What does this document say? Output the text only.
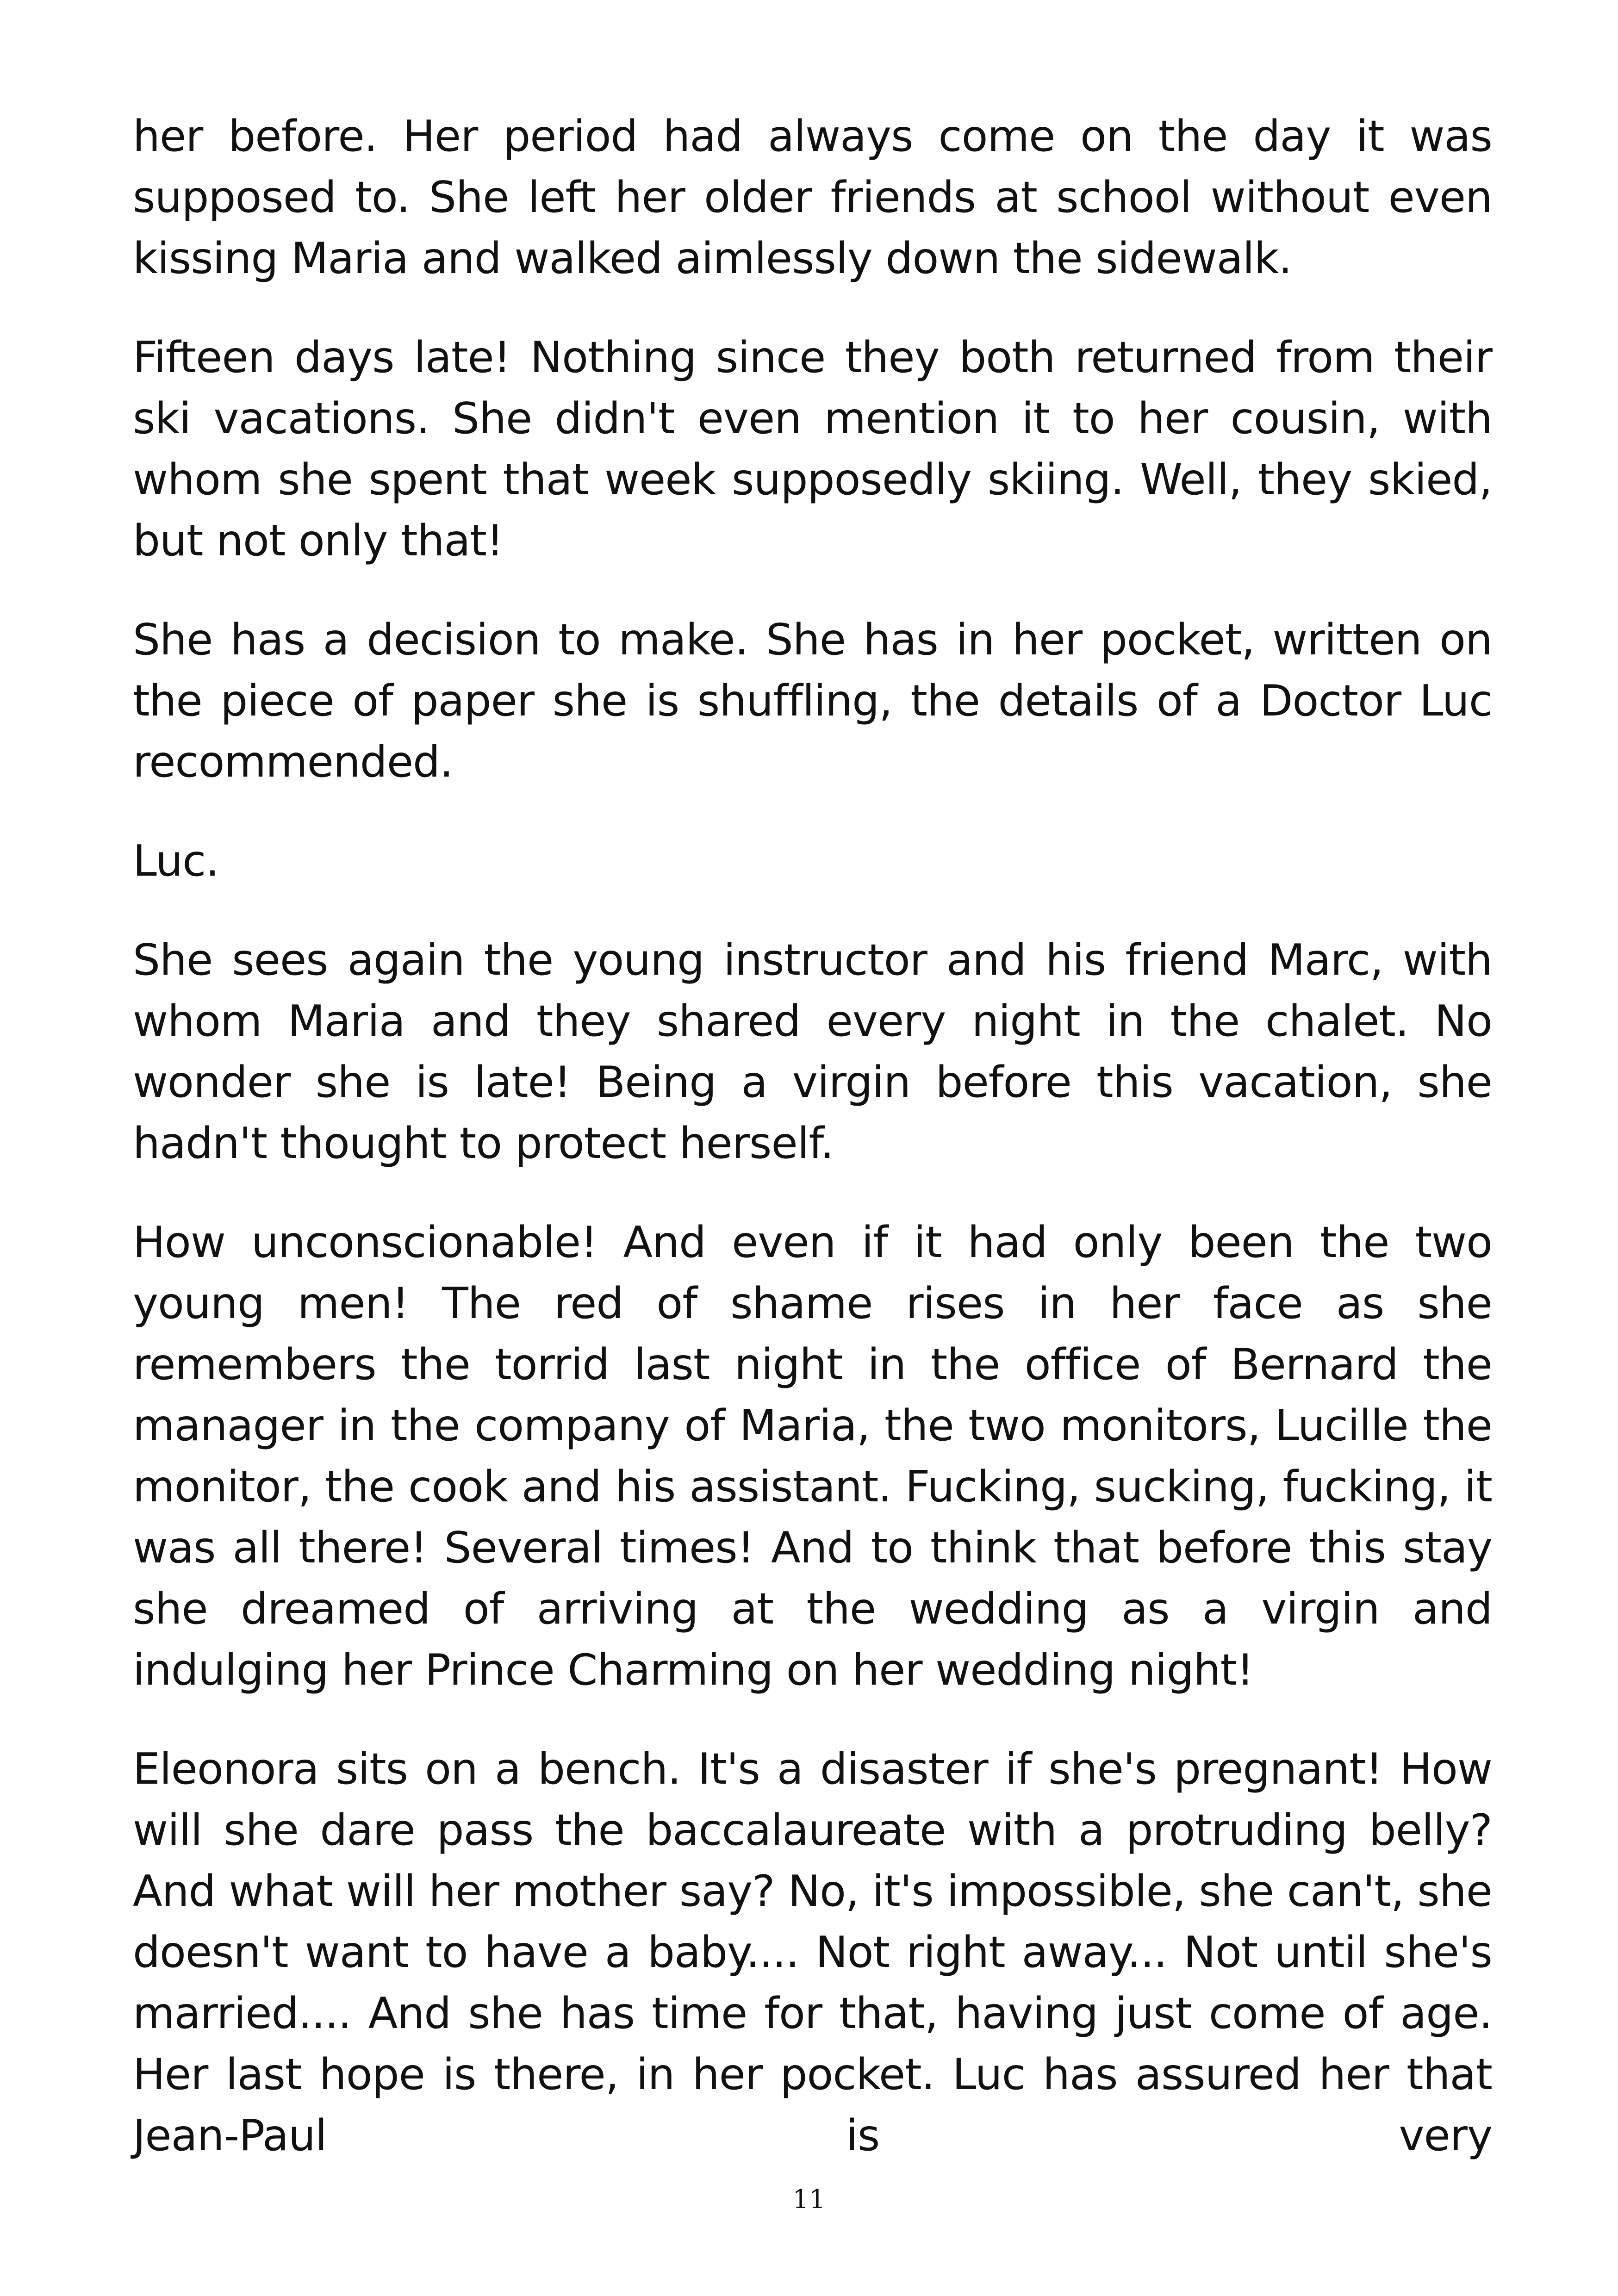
her before. Her period had always come on the day it was supposed to. She left her older friends at school without even kissing Maria and walked aimlessly down the sidewalk.

Fifteen days late! Nothing since they both returned from their ski vacations. She didn't even mention it to her cousin, with whom she spent that week supposedly skiing. Well, they skied, but not only that!

She has a decision to make. She has in her pocket, written on the piece of paper she is shuffling, the details of a Doctor Luc recommended.

Luc.

She sees again the young instructor and his friend Marc, with whom Maria and they shared every night in the chalet. No wonder she is late! Being a virgin before this vacation, she hadn't thought to protect herself.

How unconscionable! And even if it had only been the two young men! The red of shame rises in her face as she remembers the torrid last night in the office of Bernard the manager in the company of Maria, the two monitors, Lucille the monitor, the cook and his assistant. Fucking, sucking, fucking, it was all there! Several times! And to think that before this stay she dreamed of arriving at the wedding as a virgin and indulging her Prince Charming on her wedding night!

Eleonora sits on a bench. It's a disaster if she's pregnant! How will she dare pass the baccalaureate with a protruding belly? And what will her mother say? No, it's impossible, she can't, she doesn't want to have a baby.... Not right away... Not until she's married.... And she has time for that, having just come of age. Her last hope is there, in her pocket. Luc has assured her that Jean-Paul is very

11
